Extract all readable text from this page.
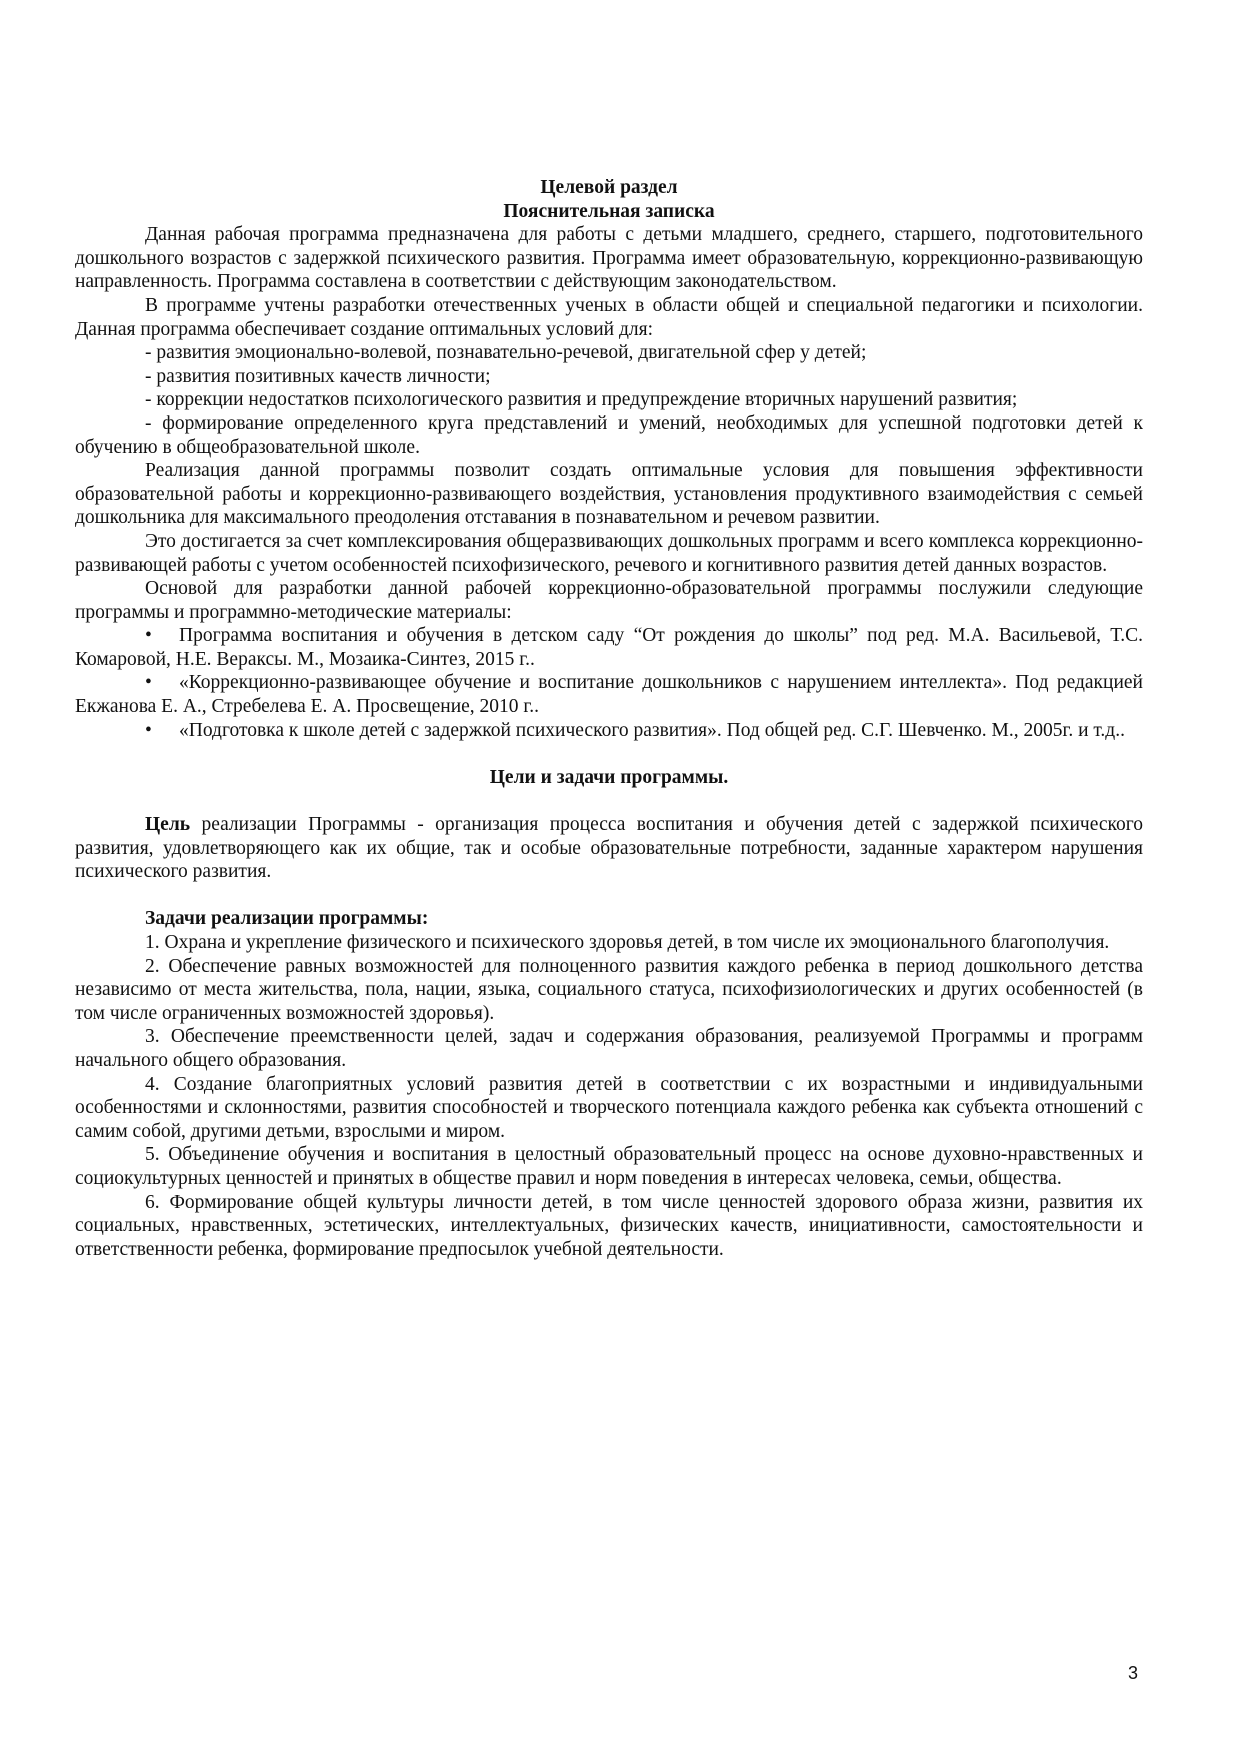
Целевой раздел

Пояснительная записка

Данная рабочая программа предназначена для работы с детьми младшего, среднего, старшего, подготовительного дошкольного возрастов с задержкой психического развития. Программа имеет образовательную, коррекционно-развивающую направленность. Программа составлена в соответствии с действующим законодательством.

В программе учтены разработки отечественных ученых в области общей и специальной педагогики и психологии. Данная программа обеспечивает создание оптимальных условий для:

- развития эмоционально-волевой, познавательно-речевой, двигательной сфер у детей;

- развития позитивных качеств личности;

- коррекции недостатков психологического развития и предупреждение вторичных нарушений развития;

- формирование определенного круга представлений и умений, необходимых для успешной подготовки детей к обучению в общеобразовательной школе.

Реализация данной программы позволит создать оптимальные условия для повышения эффективности образовательной работы и коррекционно-развивающего воздействия, установления продуктивного взаимодействия с семьей дошкольника для максимального преодоления отставания в познавательном и речевом развитии.

Это достигается за счет комплексирования общеразвивающих дошкольных программ и всего комплекса коррекционно-развивающей работы с учетом особенностей психофизического, речевого и когнитивного развития детей данных возрастов.

Основой для разработки данной рабочей коррекционно-образовательной программы послужили следующие программы и программно-методические материалы:

• Программа воспитания и обучения в детском саду “От рождения до школы” под ред. М.А. Васильевой, Т.С. Комаровой, Н.Е. Вераксы. М., Мозаика-Синтез, 2015 г..

• «Коррекционно-развивающее обучение и воспитание дошкольников с нарушением интеллекта». Под редакцией Екжанова Е. А., Стребелева Е. А. Просвещение, 2010 г..

• «Подготовка к школе детей с задержкой психического развития». Под общей ред. С.Г. Шевченко. М., 2005г. и т.д..

Цели и задачи программы.

Цель реализации Программы - организация процесса воспитания и обучения детей с задержкой психического развития, удовлетворяющего как их общие, так и особые образовательные потребности, заданные характером нарушения психического развития.

Задачи реализации программы:

1. Охрана и укрепление физического и психического здоровья детей, в том числе их эмоционального благополучия.

2. Обеспечение равных возможностей для полноценного развития каждого ребенка в период дошкольного детства независимо от места жительства, пола, нации, языка, социального статуса, психофизиологических и других особенностей (в том числе ограниченных возможностей здоровья).

3. Обеспечение преемственности целей, задач и содержания образования, реализуемой Программы и программ начального общего образования.

4. Создание благоприятных условий развития детей в соответствии с их возрастными и индивидуальными особенностями и склонностями, развития способностей и творческого потенциала каждого ребенка как субъекта отношений с самим собой, другими детьми, взрослыми и миром.

5. Объединение обучения и воспитания в целостный образовательный процесс на основе духовно-нравственных и социокультурных ценностей и принятых в обществе правил и норм поведения в интересах человека, семьи, общества.

6. Формирование общей культуры личности детей, в том числе ценностей здорового образа жизни, развития их социальных, нравственных, эстетических, интеллектуальных, физических качеств, инициативности, самостоятельности и ответственности ребенка, формирование предпосылок учебной деятельности.

3
